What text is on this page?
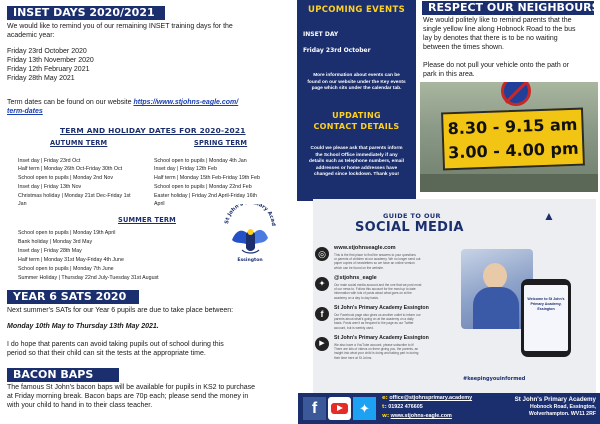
INSET DAYS 2020/2021
We would like to remind you of our remaining INSET training days for the
academic year:
Friday 23rd October 2020
Friday 13th November 2020
Friday 12th February 2021
Friday 28th May 2021
Term dates can be found on our website https://www.stjohns-eagle.com/
term-dates
TERM AND HOLIDAY DATES FOR 2020-2021
AUTUMN TERM	SPRING TERM
Inset day | Friday 23rd Oct
Half term | Monday 26th Oct-Friday 30th Oct
School open to pupils | Monday 2nd Nov
Inset day | Friday 13th Nov
Christmas holiday | Monday 21st Dec-Friday 1st
Jan
School open to pupils | Monday 4th Jan
Inset day | Friday 12th Feb
Half term | Monday 15th Feb-Friday 19th Feb
School open to pupils | Monday 22nd Feb
Easter holiday | Friday 2nd April-Friday 16th
April
SUMMER TERM
School open to pupils | Monday 19th April
Bank holiday | Monday 3rd May
Inset day | Friday 28th May
Half term | Monday 31st May-Friday 4th June
School open to pupils | Monday 7th June
Summer Holiday | Thursday 22nd July-Tuesday 31st August
St John's ary Acad
Essington
YEAR 6 SATS 2020
Next summer's SATs for our Year 6 pupils are due to take place between:
Monday 10th May to Thursday 13th May 2021.
I do hope that parents can avoid taking pupils out of school during this
period so that their child can sit the tests at the appropriate time.
BACON BAPS
The famous St John's bacon baps will be available for pupils in KS2 to purchase
at Friday morning break. Bacon baps are 70p each; please send the money in
with your child to hand in to their class teacher.
UPCOMING EVENTS
INSET DAY
Friday 23rd October
More information about events can be
found on our website under the Key events
page which sits under the calendar tab.
UPDATING
CONTACT DETAILS
Could we please ask that parents inform
the School Office immediately if any
details such as telephone numbers, email
addresses or home addresses have
changed since lockdown. Thank you!
RESPECT OUR NEIGHBOURS
We would politely like to remind parents that the
single yellow line along Hobnock Road to the bus
lay by denotes that there is to be no waiting
between the times shown.
Please do not pull your vehicle onto the path or
park in this area.
8.30 - 9.15 am
3.00 - 4.00 pm
GUIDE TO OUR
SOCIAL MEDIA
▲
◎
www.stjohnseagle.com
This is the first place to find the answers to your questions
or parents of children at our academy. We no longer send out
paper copies of newsletters so we have an online version
which can be found on the website.
✦
@stjohns_eagle
Our main social media account and the one that we post most
of our news to. Follow this account for the most up to date
information with lots of posts about what goes on at the
academy on a day to day basis.
f
St John's Primary Academy Essington
Our Facebook page also gives us another outlet to inform our
parents about what's going on at the academy on a daily
basis. Posts aren't as frequent to the page as our Twitter
account, but is weekly used.
▶
St John's Primary Academy Essington
We also have a YouTube account, please subscribe to it!
There are lots of videos on there giving you, the parents, an
insight into what your child is doing and taking part in during
their time here at St Johns.
Welcome to St John's Primary Academy, Essington
#keepingyouinformed
f	✦
e: office@stjohnsprimary.academy
t: 01922 476605
w: www.stjohns-eagle.com
St John's Primary Academy
Hobnock Road, Essington,
Wolverhampton. WV11 2RF
